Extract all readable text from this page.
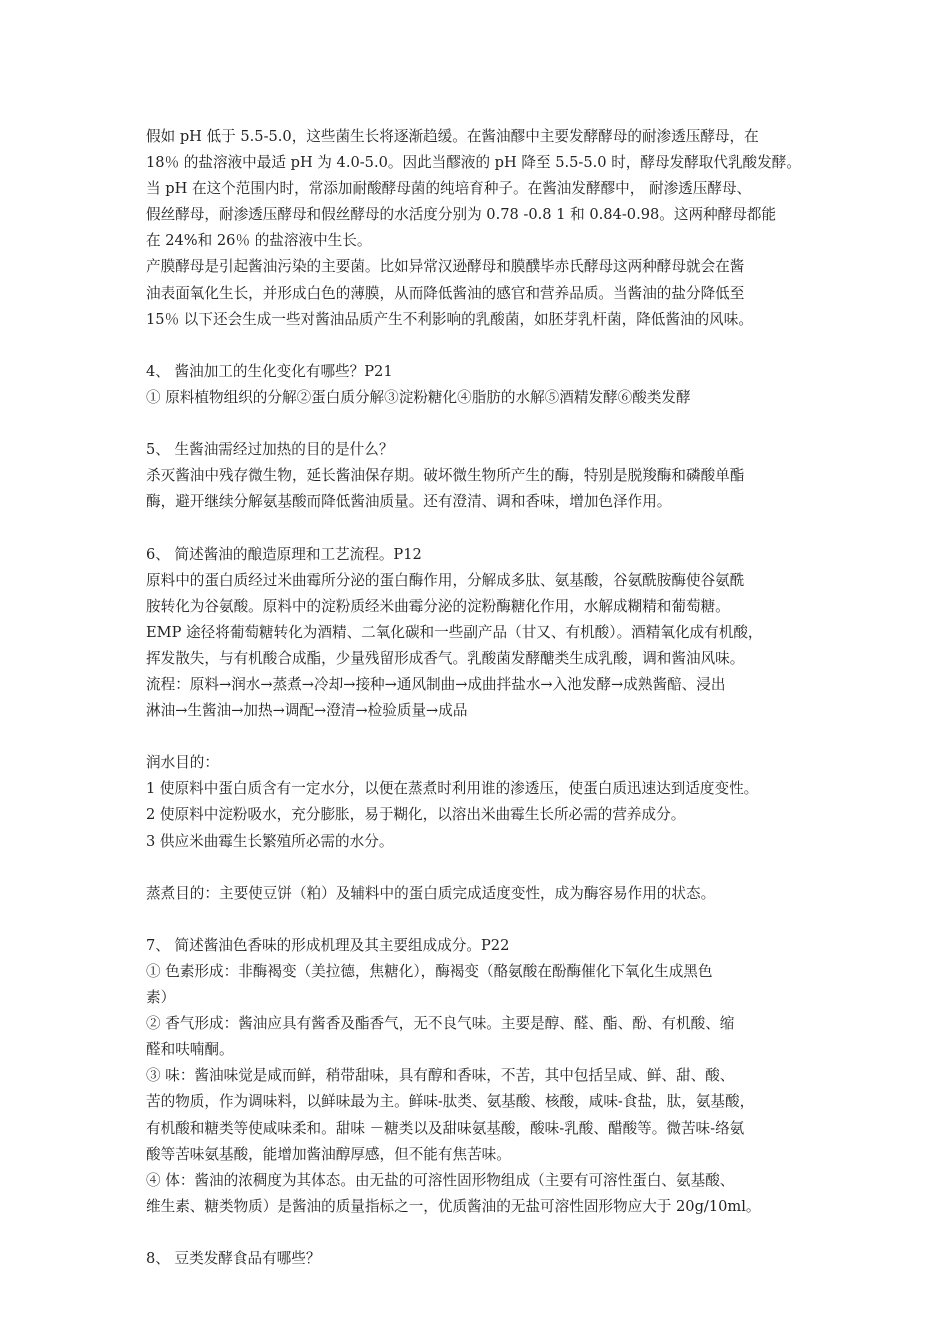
假如 pH 低于 5.5-5.0，这些菌生长将逐渐趋缓。在酱油醪中主要发酵酵母的耐渗透压酵母，在
18％ 的盐溶液中最适 pH 为 4.0-5.0。因此当醪液的 pH 降至 5.5-5.0 时，酵母发酵取代乳酸发酵。
当 pH 在这个范围内时，常添加耐酸酵母菌的纯培育种子。在酱油发酵醪中， 耐渗透压酵母、
假丝酵母，耐渗透压酵母和假丝酵母的水活度分别为 0.78 -0.8 1 和 0.84-0.98。这两种酵母都能
在 24%和 26％ 的盐溶液中生长。
产膜酵母是引起酱油污染的主要菌。比如异常汉逊酵母和膜醭毕赤氏酵母这两种酵母就会在酱
油表面氧化生长，并形成白色的薄膜，从而降低酱油的感官和营养品质。当酱油的盐分降低至
15％ 以下还会生成一些对酱油品质产生不利影响的乳酸菌，如胚芽乳杆菌，降低酱油的风味。
4、 酱油加工的生化变化有哪些？P21
① 原料植物组织的分解②蛋白质分解③淀粉糖化④脂肪的水解⑤酒精发酵⑥酸类发酵
5、 生酱油需经过加热的目的是什么？
杀灭酱油中残存微生物，延长酱油保存期。破坏微生物所产生的酶，特别是脱羧酶和磷酸单酯
酶，避开继续分解氨基酸而降低酱油质量。还有澄清、调和香味，增加色泽作用。
6、 简述酱油的酿造原理和工艺流程。P12
原料中的蛋白质经过米曲霉所分泌的蛋白酶作用，分解成多肽、氨基酸，谷氨酰胺酶使谷氨酰
胺转化为谷氨酸。原料中的淀粉质经米曲霉分泌的淀粉酶糖化作用，水解成糊精和葡萄糖。
EMP 途径将葡萄糖转化为酒精、二氧化碳和一些副产品（甘又、有机酸）。酒精氧化成有机酸，
挥发散失，与有机酸合成酯，少量残留形成香气。乳酸菌发酵醣类生成乳酸，调和酱油风味。
流程：原料→润水→蒸煮→冷却→接种→通风制曲→成曲拌盐水→入池发酵→成熟酱醅、浸出
淋油→生酱油→加热→调配→澄清→检验质量→成品
润水目的：
1 使原料中蛋白质含有一定水分，以便在蒸煮时利用谁的渗透压，使蛋白质迅速达到适度变性。
2 使原料中淀粉吸水，充分膨胀，易于糊化，以溶出米曲霉生长所必需的营养成分。
3 供应米曲霉生长繁殖所必需的水分。
蒸煮目的：主要使豆饼（粕）及辅料中的蛋白质完成适度变性，成为酶容易作用的状态。
7、 简述酱油色香味的形成机理及其主要组成成分。P22
① 色素形成：非酶褐变（美拉德，焦糖化），酶褐变（酪氨酸在酚酶催化下氧化生成黑色
素）
② 香气形成：酱油应具有酱香及酯香气，无不良气味。主要是醇、醛、酯、酚、有机酸、缩
醛和呋喃酮。
③ 味：酱油味觉是咸而鲜，稍带甜味，具有醇和香味，不苦，其中包括呈咸、鲜、甜、酸、
苦的物质，作为调味料，以鲜味最为主。鲜味-肽类、氨基酸、核酸，咸味-食盐，肽，氨基酸，
有机酸和糖类等使咸味柔和。甜味 －糖类以及甜味氨基酸，酸味-乳酸、醋酸等。微苦味-络氨
酸等苦味氨基酸，能增加酱油醇厚感，但不能有焦苦味。
④ 体：酱油的浓稠度为其体态。由无盐的可溶性固形物组成（主要有可溶性蛋白、氨基酸、
维生素、糖类物质）是酱油的质量指标之一，优质酱油的无盐可溶性固形物应大于 20g/10ml。
8、 豆类发酵食品有哪些？
